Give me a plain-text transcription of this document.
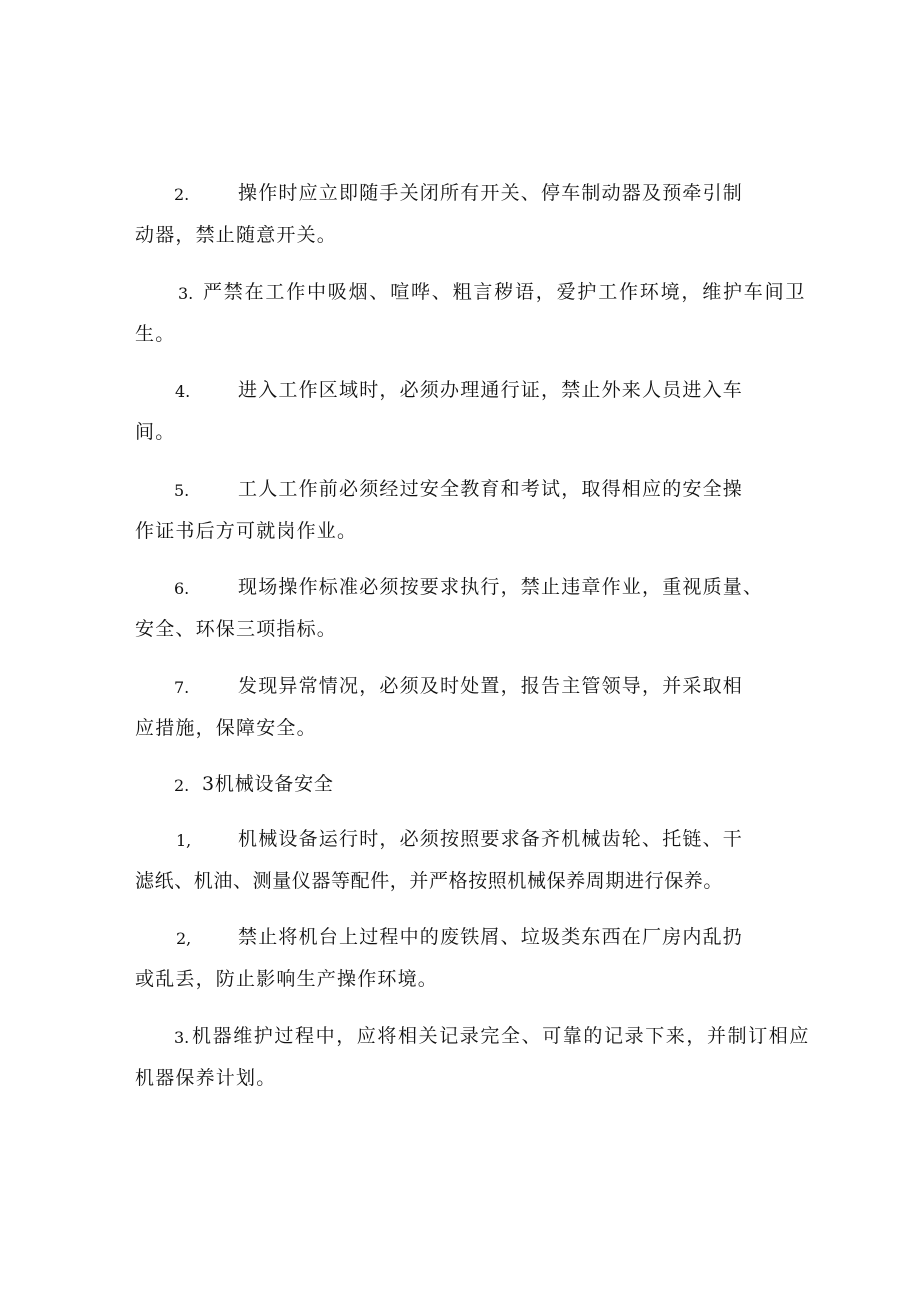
2.	操作时应立即随手关闭所有开关、停车制动器及预牵引制
动器，禁止随意开关。
3. 严禁在工作中吸烟、喧哗、粗言秽语，爱护工作环境，维护车间卫
生。
4.	进入工作区域时，必须办理通行证，禁止外来人员进入车
间。
5.	工人工作前必须经过安全教育和考试，取得相应的安全操
作证书后方可就岗作业。
6.	现场操作标准必须按要求执行，禁止违章作业，重视质量、
安全、环保三项指标。
7.	发现异常情况，必须及时处置，报告主管领导，并采取相
应措施，保障安全。
2. 3机械设备安全
1, 机械设备运行时，必须按照要求备齐机械齿轮、托链、干
滤纸、机油、测量仪器等配件，并严格按照机械保养周期进行保养。
2, 禁止将机台上过程中的废铁屑、垃圾类东西在厂房内乱扔
或乱丢，防止影响生产操作环境。
3. 机器维护过程中，应将相关记录完全、可靠的记录下来，并制订相应
机器保养计划。
